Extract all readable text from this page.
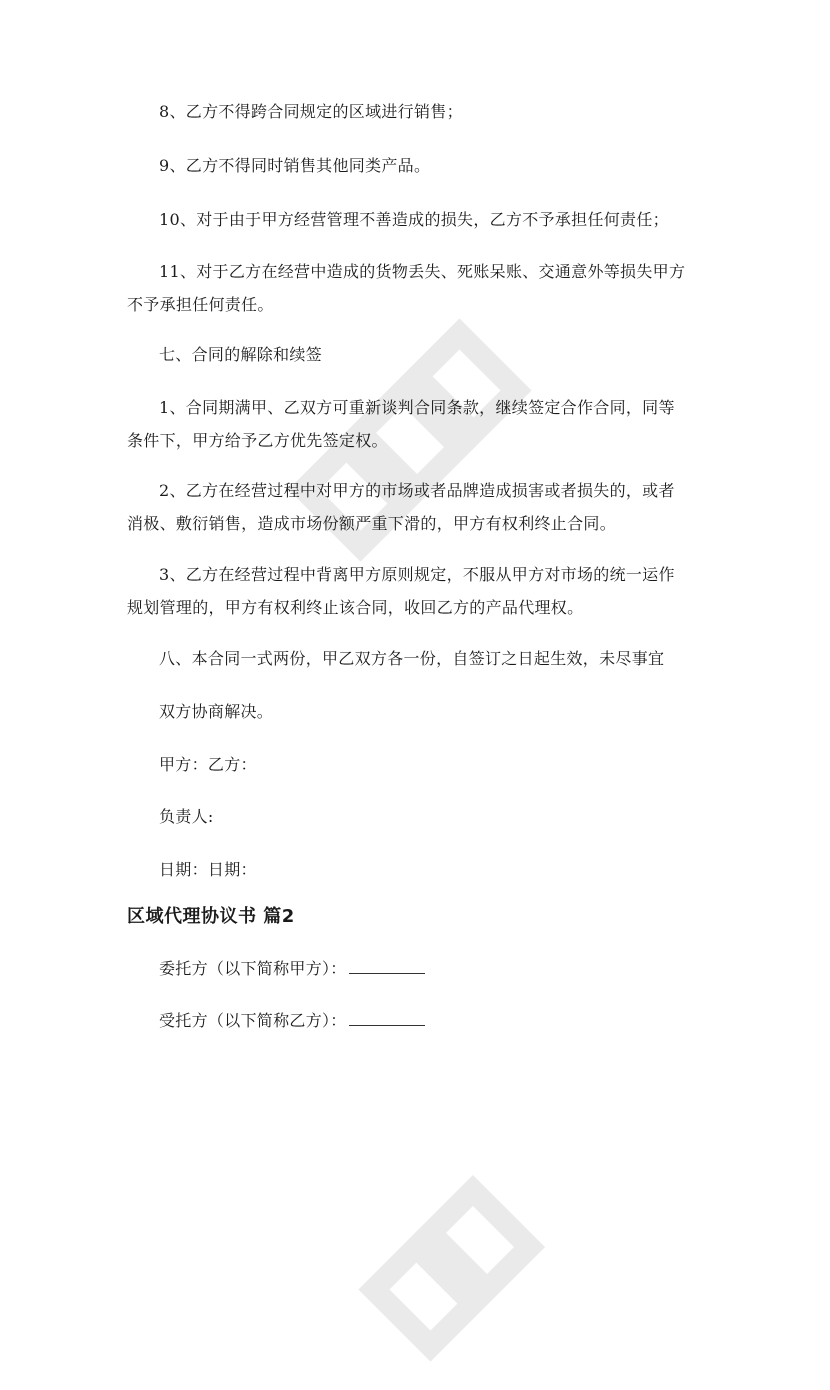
8、乙方不得跨合同规定的区域进行销售；
9、乙方不得同时销售其他同类产品。
10、对于由于甲方经营管理不善造成的损失，乙方不予承担任何责任；
11、对于乙方在经营中造成的货物丢失、死账呆账、交通意外等损失甲方不予承担任何责任。
七、合同的解除和续签
1、合同期满甲、乙双方可重新谈判合同条款，继续签定合作合同，同等条件下，甲方给予乙方优先签定权。
2、乙方在经营过程中对甲方的市场或者品牌造成损害或者损失的，或者消极、敷衍销售，造成市场份额严重下滑的，甲方有权利终止合同。
3、乙方在经营过程中背离甲方原则规定，不服从甲方对市场的统一运作规划管理的，甲方有权利终止该合同，收回乙方的产品代理权。
八、本合同一式两份，甲乙双方各一份，自签订之日起生效，未尽事宜
双方协商解决。
甲方：乙方：
负责人:
日期：日期：
区域代理协议书 篇2
委托方（以下简称甲方）：
受托方（以下简称乙方）：
